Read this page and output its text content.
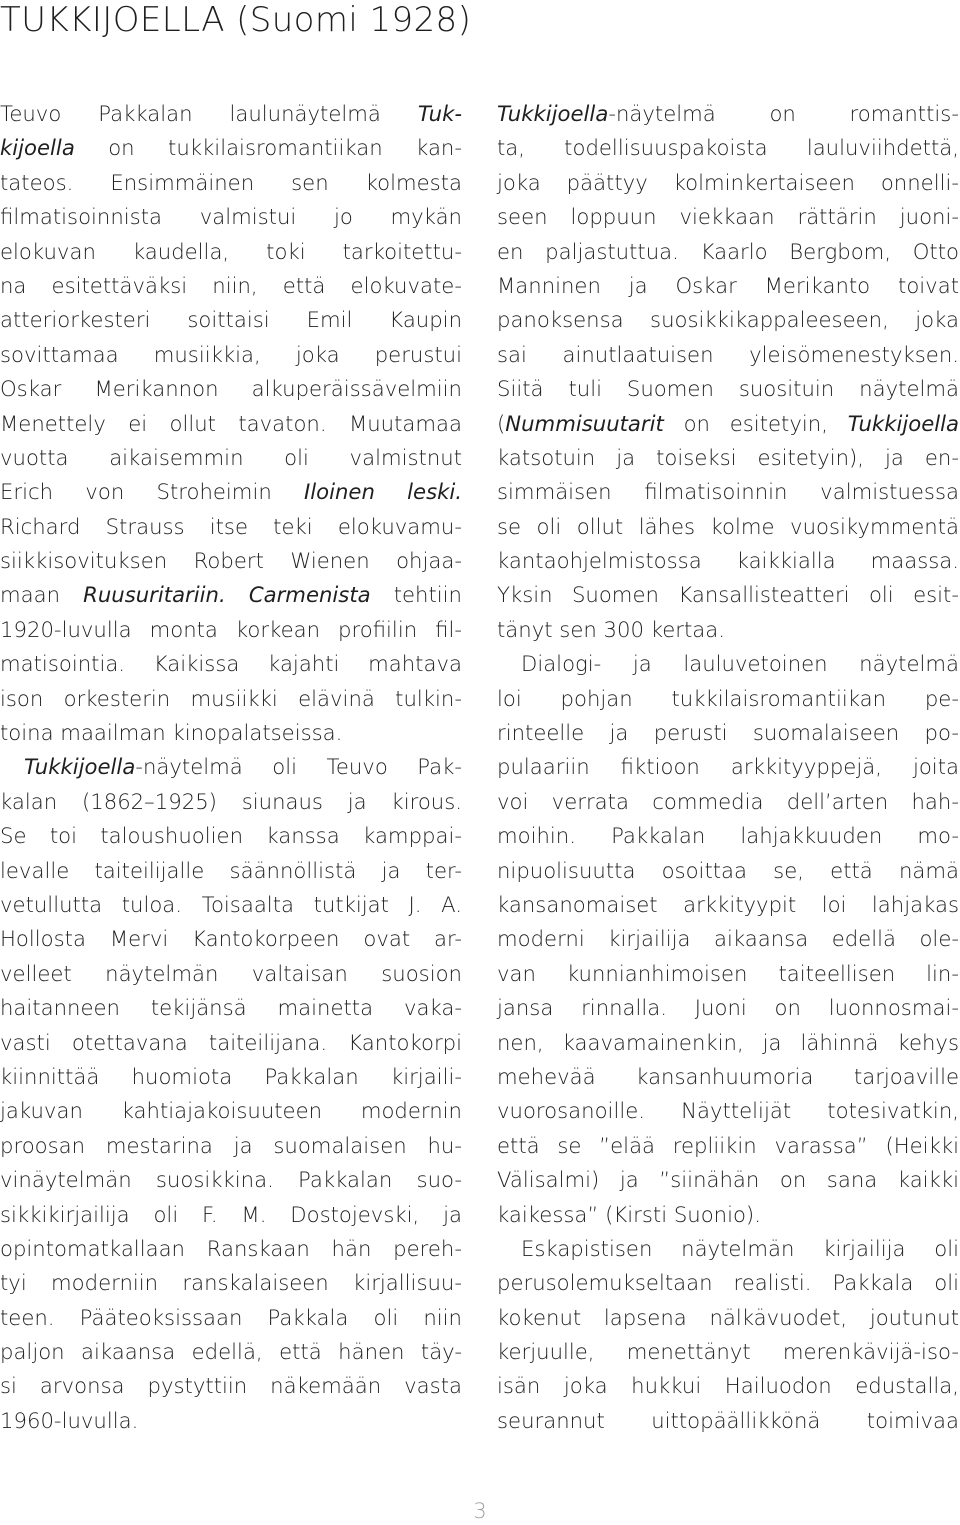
TUKKIJOELLA (Suomi 1928)
Teuvo Pakkalan laulunäytelmä Tuk-
kijoella on tukkilaisromantiikan kan-
tateos. Ensimmäinen sen kolmesta
filmatisoinnista valmistui jo mykän
elokuvan kaudella, toki tarkoitettu-
na esitettäväksi niin, että elokuvate-
atteriorkesteri soittaisi Emil Kaupin
sovittamaa musiikkia, joka perustui
Oskar Merikannon alkuperäissävelmiin
Menettely ei ollut tavaton. Muutamaa
vuotta aikaisemmin oli valmistnut
Erich von Stroheimin Iloinen leski.
Richard Strauss itse teki elokuvamu-
siikkisovituksen Robert Wienen ohjaa-
maan Ruusuritariin. Carmenista tehtiin
1920-luvulla monta korkean profiilin fil-
matisointia. Kaikissa kajahti mahtava
ison orkesterin musiikki elävinä tulkin-
toina maailman kinopalatseissa.
Tukkijoella-näytelmä oli Teuvo Pak-
kalan (1862–1925) siunaus ja kirous.
Se toi taloushuolien kanssa kamppai-
levalle taiteilijalle säännöllistä ja ter-
vetullutta tuloa. Toisaalta tutkijat J. A.
Hollosta Mervi Kantokorpeen ovat ar-
velleet näytelmän valtaisan suosion
haitanneen tekijänsä mainetta vaka-
vasti otettavana taiteilijana. Kantokorpi
kiinnittää huomiota Pakkalan kirjaili-
jakuvan kahtiajakoisuuteen modernin
proosan mestarina ja suomalaisen hu-
vinäytelmän suosikkina. Pakkalan suo-
sikkikirjailija oli F. M. Dostojevski, ja
opintomatkallaan Ranskaan hän pereh-
tyi moderniin ranskalaiseen kirjallisuu-
teen. Pääteoksissaan Pakkala oli niin
paljon aikaansa edellä, että hänen täy-
si arvonsa pystyttiin näkemään vasta
1960-luvulla.
Tukkijoella-näytelmä on romanttis-
ta, todellisuuspakoista lauluviihdettä,
joka päättyy kolminkertaiseen onnelli-
seen loppuun viekkaan rättärin juoni-
en paljastuttua. Kaarlo Bergbom, Otto
Manninen ja Oskar Merikanto toivat
panoksensa suosikkikappaleeseen, joka
sai ainutlaatuisen yleisömenestyksen.
Siitä tuli Suomen suosituin näytelmä
(Nummisuutarit on esitetyin, Tukkijoella
katsotuin ja toiseksi esitetyin), ja en-
simmäisen filmatisoinnin valmistuessa
se oli ollut lähes kolme vuosikymmentä
kantaohjelmistossa kaikkialla maassa.
Yksin Suomen Kansallisteatteri oli esit-
tänyt sen 300 kertaa.
Dialogi- ja lauluvetoinen näytelmä
loi pohjan tukkilaisromantiikan pe-
rinteelle ja perusti suomalaiseen po-
pulaariin fiktioon arkkityyppejä, joita
voi verrata commedia dell’arten hah-
moihin. Pakkalan lahjakkuuden mo-
nipuolisuutta osoittaa se, että nämä
kansanomaiset arkkityypit loi lahjakas
moderni kirjailija aikaansa edellä ole-
van kunnianhimoisen taiteellisen lin-
jansa rinnalla. Juoni on luonnosmai-
nen, kaavamainenkin, ja lähinnä kehys
mehevää kansanhuumoria tarjoaville
vuorosanoille. Näyttelijät totesivatkin,
että se ”elää repliikin varassa” (Heikki
Välisalmi) ja ”siinähän on sana kaikki
kaikessa” (Kirsti Suonio).
Eskapistisen näytelmän kirjailija oli
perusolemukseltaan realisti. Pakkala oli
kokenut lapsena nälkävuodet, joutunut
kerjuulle, menettänyt merenkävijä-iso-
isän joka hukkui Hailuodon edustalla,
seurannut uittopäällikkönä toimivaa
3
